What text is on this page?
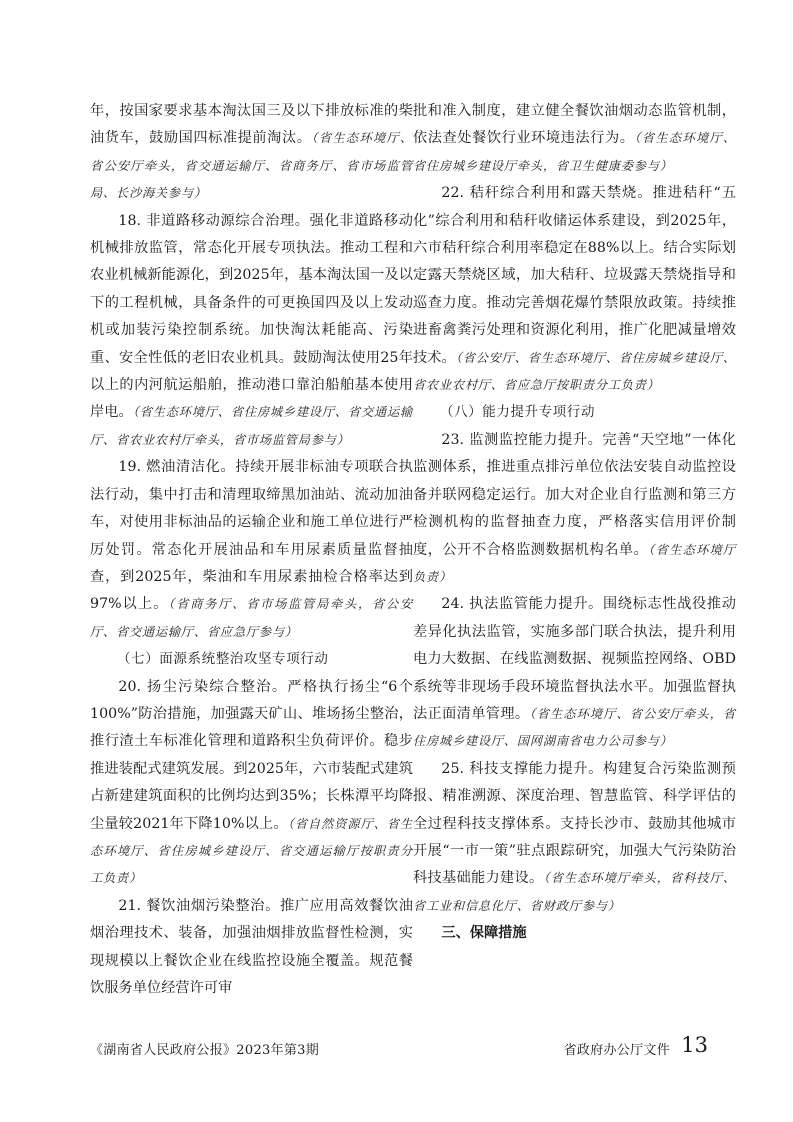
年，按国家要求基本淘汰国三及以下排放标准的柴油货车，鼓励国四标准提前淘汰。（省生态环境厅、省公安厅牵头，省交通运输厅、省商务厅、省市场监管局、长沙海关参与）

18. 非道路移动源综合治理。强化非道路移动机械排放监管，常态化开展专项执法。推动工程和农业机械新能源化，到2025年，基本淘汰国一及以下的工程机械，具备条件的可更换国四及以上发动机或加装污染控制系统。加快淘汰耗能高、污染重、安全性低的老旧农业机具。鼓励淘汰使用25年以上的内河航运船舶，推动港口靠泊船舶基本使用岸电。（省生态环境厅、省住房城乡建设厅、省交通运输厅、省农业农村厅牵头，省市场监管局参与）

19. 燃油清洁化。持续开展非标油专项联合执法行动，集中打击和清理取缔黑加油站、流动加油车，对使用非标油品的运输企业和施工单位进行严厉处罚。常态化开展油品和车用尿素质量监督抽查，到2025年，柴油和车用尿素抽检合格率达到97%以上。（省商务厅、省市场监管局牵头，省公安厅、省交通运输厅、省应急厅参与）

（七）面源系统整治攻坚专项行动

20. 扬尘污染综合整治。严格执行扬尘“6个100%”防治措施，加强露天矿山、堆场扬尘整治，推行渣土车标准化管理和道路积尘负荷评价。稳步推进装配式建筑发展。到2025年，六市装配式建筑占新建建筑面积的比例均达到35%；长株潭平均降尘量较2021年下降10%以上。（省自然资源厅、省生态环境厅、省住房城乡建设厅、省交通运输厅按职责分工负责）

21. 餐饮油烟污染整治。推广应用高效餐饮油烟治理技术、装备，加强油烟排放监督性检测，实现规模以上餐饮企业在线监控设施全覆盖。规范餐饮服务单位经营许可审

批和准入制度，建立健全餐饮油烟动态监管机制，依法查处餐饮行业环境违法行为。（省生态环境厅、省住房城乡建设厅牵头，省卫生健康委参与）

22. 秸秆综合利用和露天禁烧。推进秸秆“五化”综合利用和秸秆收储运体系建设，到2025年，六市秸秆综合利用率稳定在88%以上。结合实际划定露天禁烧区域，加大秸秆、垃圾露天禁烧指导和巡查力度。推动完善烟花爆竹禁限放政策。持续推进畜禽粪污处理和资源化利用，推广化肥减量增效技术。（省公安厅、省生态环境厅、省住房城乡建设厅、省农业农村厅、省应急厅按职责分工负责）

（八）能力提升专项行动

23. 监测监控能力提升。完善“天空地”一体化监测体系，推进重点排污单位依法安装自动监控设备并联网稳定运行。加大对企业自行监测和第三方检测机构的监督抽查力度，严格落实信用评价制度，公开不合格监测数据机构名单。（省生态环境厅负责）

24. 执法监管能力提升。围绕标志性战役推动差异化执法监管，实施多部门联合执法，提升利用电力大数据、在线监测数据、视频监控网络、OBD系统等非现场手段环境监督执法水平。加强监督执法正面清单管理。（省生态环境厅、省公安厅牵头，省住房城乡建设厅、国网湖南省电力公司参与）

25. 科技支撑能力提升。构建复合污染监测预报、精准溯源、深度治理、智慧监管、科学评估的全过程科技支撑体系。支持长沙市、鼓励其他城市开展“一市一策”驻点跟踪研究，加强大气污染防治科技基础能力建设。（省生态环境厅牵头，省科技厅、省工业和信息化厅、省财政厅参与）

三、保障措施

《湖南省人民政府公报》2023年第3期	省政府办公厅文件 13
